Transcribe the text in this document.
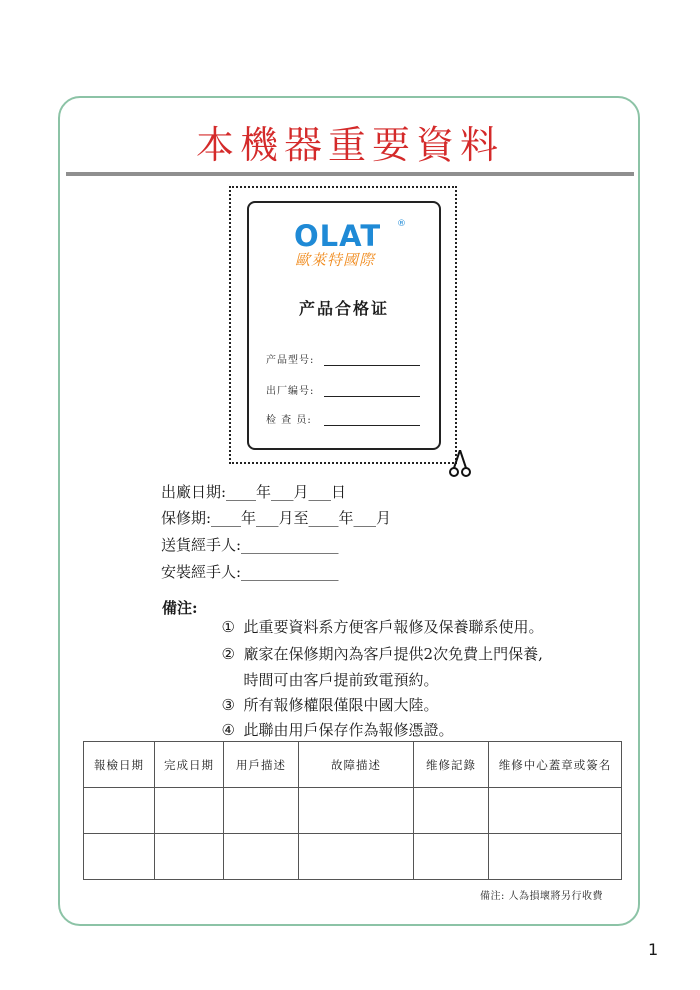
本機器重要資料
OLAT ®
歐萊特國際
产品合格证
产品型号:
出厂编号:
检 查 员:
出廠日期:____年___月___日
保修期:____年___月至____年___月
送貨經手人:_____________
安裝經手人:_____________
備注:

① 此重要資料系方便客戶報修及保養聯系使用。

② 廠家在保修期內為客戶提供2次免費上門保養,

時間可由客戶提前致電預約。

③ 所有報修權限僅限中國大陸。

④ 此聯由用戶保存作為報修憑證。

報檢日期	完成日期	用戶描述	故障描述	维修記錄	维修中心蓋章或簽名

備注: 人為損壞將另行收費
1
